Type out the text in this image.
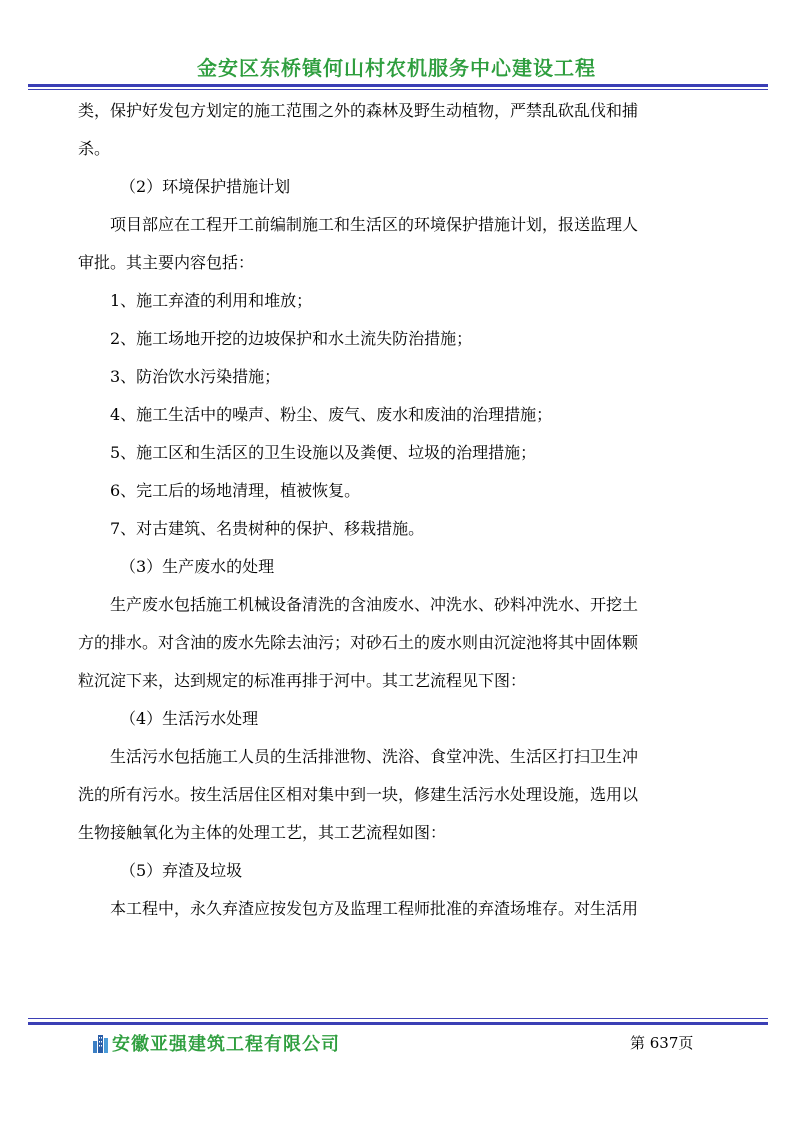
金安区东桥镇何山村农机服务中心建设工程
类，保护好发包方划定的施工范围之外的森林及野生动植物，严禁乱砍乱伐和捕
杀。
（2）环境保护措施计划
项目部应在工程开工前编制施工和生活区的环境保护措施计划，报送监理人
审批。其主要内容包括：
1、施工弃渣的利用和堆放；
2、施工场地开挖的边坡保护和水土流失防治措施；
3、防治饮水污染措施；
4、施工生活中的噪声、粉尘、废气、废水和废油的治理措施；
5、施工区和生活区的卫生设施以及粪便、垃圾的治理措施；
6、完工后的场地清理，植被恢复。
7、对古建筑、名贵树种的保护、移栽措施。
（3）生产废水的处理
生产废水包括施工机械设备清洗的含油废水、冲洗水、砂料冲洗水、开挖土
方的排水。对含油的废水先除去油污；对砂石土的废水则由沉淀池将其中固体颗
粒沉淀下来，达到规定的标准再排于河中。其工艺流程见下图：
（4）生活污水处理
生活污水包括施工人员的生活排泄物、洗浴、食堂冲洗、生活区打扫卫生冲
洗的所有污水。按生活居住区相对集中到一块，修建生活污水处理设施，选用以
生物接触氧化为主体的处理工艺，其工艺流程如图：
（5）弃渣及垃圾
本工程中，永久弃渣应按发包方及监理工程师批准的弃渣场堆存。对生活用
安徽亚强建筑工程有限公司	第 637页
